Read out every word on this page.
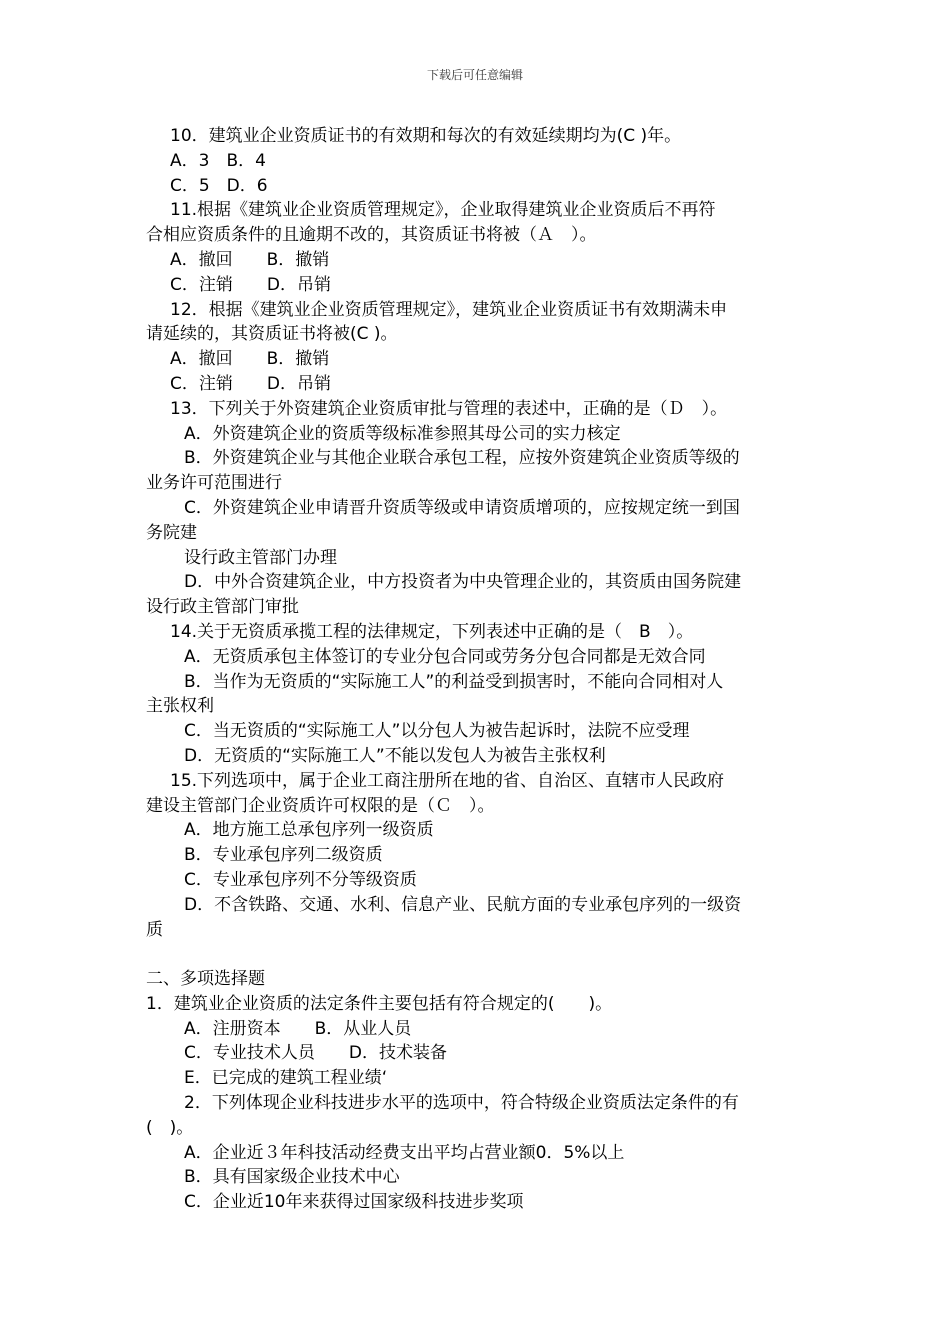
下载后可任意编辑
10．建筑业企业资质证书的有效期和每次的有效延续期均为(C )年。
A．3　B．4
C．5　D．6
11.根据《建筑业企业资质管理规定》，企业取得建筑业企业资质后不再符
合相应资质条件的且逾期不改的，其资质证书将被（Ａ　）。
A．撤回　　B．撤销
C．注销　　D．吊销
12．根据《建筑业企业资质管理规定》，建筑业企业资质证书有效期满未申
请延续的，其资质证书将被(C )。
A．撤回　　B．撤销
C．注销　　D．吊销
13．下列关于外资建筑企业资质审批与管理的表述中，正确的是（Ｄ　）。
A．外资建筑企业的资质等级标准参照其母公司的实力核定
B．外资建筑企业与其他企业联合承包工程，应按外资建筑企业资质等级的
业务许可范围进行
C．外资建筑企业申请晋升资质等级或申请资质增项的，应按规定统一到国
务院建
设行政主管部门办理
D．中外合资建筑企业，中方投资者为中央管理企业的，其资质由国务院建
设行政主管部门审批
14.关于无资质承揽工程的法律规定，下列表述中正确的是（　B　）。
A．无资质承包主体签订的专业分包合同或劳务分包合同都是无效合同
B．当作为无资质的“实际施工人”的利益受到损害时，不能向合同相对人
主张权利
C．当无资质的“实际施工人”以分包人为被告起诉时，法院不应受理
D．无资质的“实际施工人”不能以发包人为被告主张权利
15.下列选项中，属于企业工商注册所在地的省、自治区、直辖市人民政府
建设主管部门企业资质许可权限的是（Ｃ　）。
A．地方施工总承包序列一级资质
B．专业承包序列二级资质
C．专业承包序列不分等级资质
D．不含铁路、交通、水利、信息产业、民航方面的专业承包序列的一级资
质
二、多项选择题
1．建筑业企业资质的法定条件主要包括有符合规定的(　　)。
A．注册资本　　B．从业人员
C．专业技术人员　　D．技术装备
E．已完成的建筑工程业绩‘
2．下列体现企业科技进步水平的选项中，符合特级企业资质法定条件的有
(　)。
A．企业近３年科技活动经费支出平均占营业额0．5%以上
B．具有国家级企业技术中心
C．企业近10年来获得过国家级科技进步奖项
